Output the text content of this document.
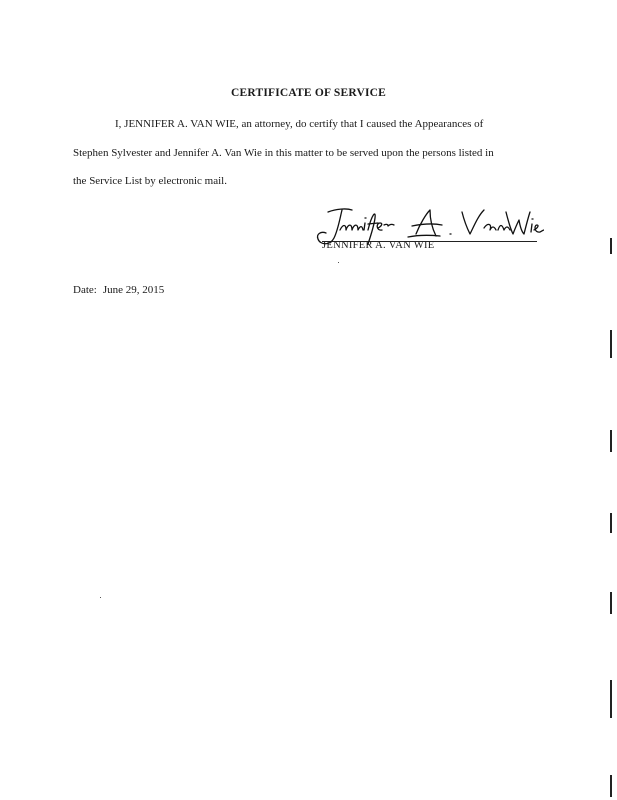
CERTIFICATE OF SERVICE
I, JENNIFER A. VAN WIE, an attorney, do certify that I caused the Appearances of
Stephen Sylvester and Jennifer A. Van Wie in this matter to be served upon the persons listed in
the Service List by electronic mail.
JENNIFER A. VAN WIE
Date: June 29, 2015
